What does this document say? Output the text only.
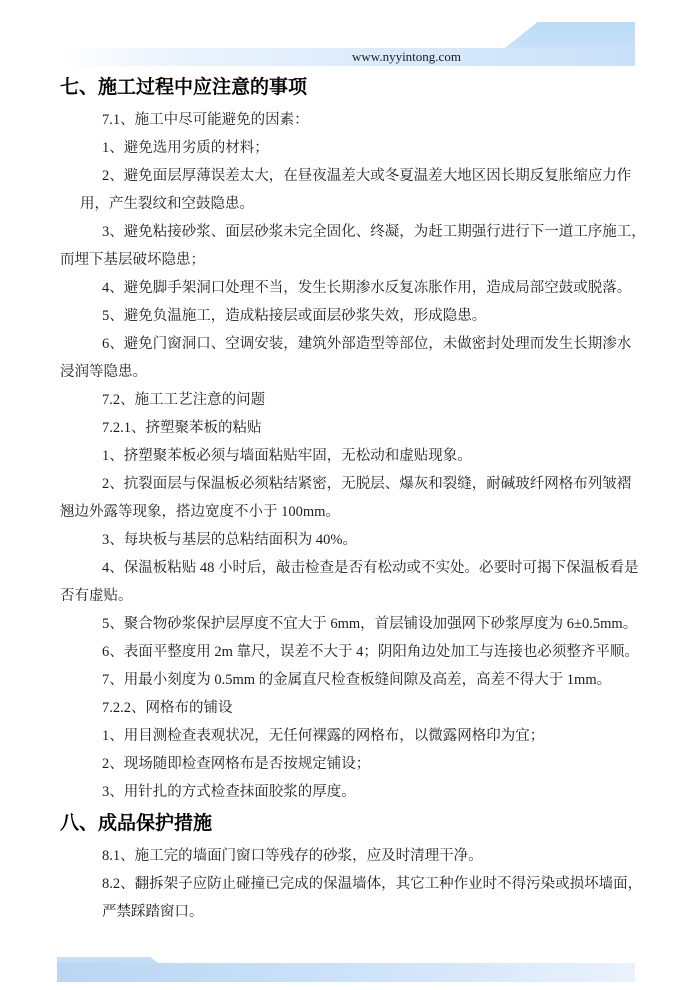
www.nyyintong.com
七、施工过程中应注意的事项
7.1、施工中尽可能避免的因素：
1、避免选用劣质的材料；
2、避免面层厚薄误差太大，在昼夜温差大或冬夏温差大地区因长期反复胀缩应力作
用，产生裂纹和空鼓隐患。
3、避免粘接砂浆、面层砂浆未完全固化、终凝，为赶工期强行进行下一道工序施工，
而埋下基层破坏隐患；
4、避免脚手架洞口处理不当，发生长期渗水反复冻胀作用，造成局部空鼓或脱落。
5、避免负温施工，造成粘接层或面层砂浆失效，形成隐患。
6、避免门窗洞口、空调安装，建筑外部造型等部位，未做密封处理而发生长期渗水
浸润等隐患。
7.2、施工工艺注意的问题
7.2.1、挤塑聚苯板的粘贴
1、挤塑聚苯板必须与墙面粘贴牢固，无松动和虚贴现象。
2、抗裂面层与保温板必须粘结紧密，无脱层、爆灰和裂缝，耐碱玻纤网格布列皱褶
翘边外露等现象，搭边宽度不小于 100mm。
3、每块板与基层的总粘结面积为 40%。
4、保温板粘贴 48 小时后，敲击检查是否有松动或不实处。必要时可揭下保温板看是
否有虚贴。
5、聚合物砂浆保护层厚度不宜大于 6mm，首层铺设加强网下砂浆厚度为 6±0.5mm。
6、表面平整度用 2m 靠尺，误差不大于 4；阴阳角边处加工与连接也必须整齐平顺。
7、用最小刻度为 0.5mm 的金属直尺检查板缝间隙及高差，高差不得大于 1mm。
7.2.2、网格布的铺设
1、用目测检查表观状况，无任何裸露的网格布，以微露网格印为宜；
2、现场随即检查网格布是否按规定铺设；
3、用针扎的方式检查抹面胶浆的厚度。
八、成品保护措施
8.1、施工完的墙面门窗口等残存的砂浆，应及时清理干净。
8.2、翻拆架子应防止碰撞已完成的保温墙体，其它工种作业时不得污染或损坏墙面，
严禁踩踏窗口。
